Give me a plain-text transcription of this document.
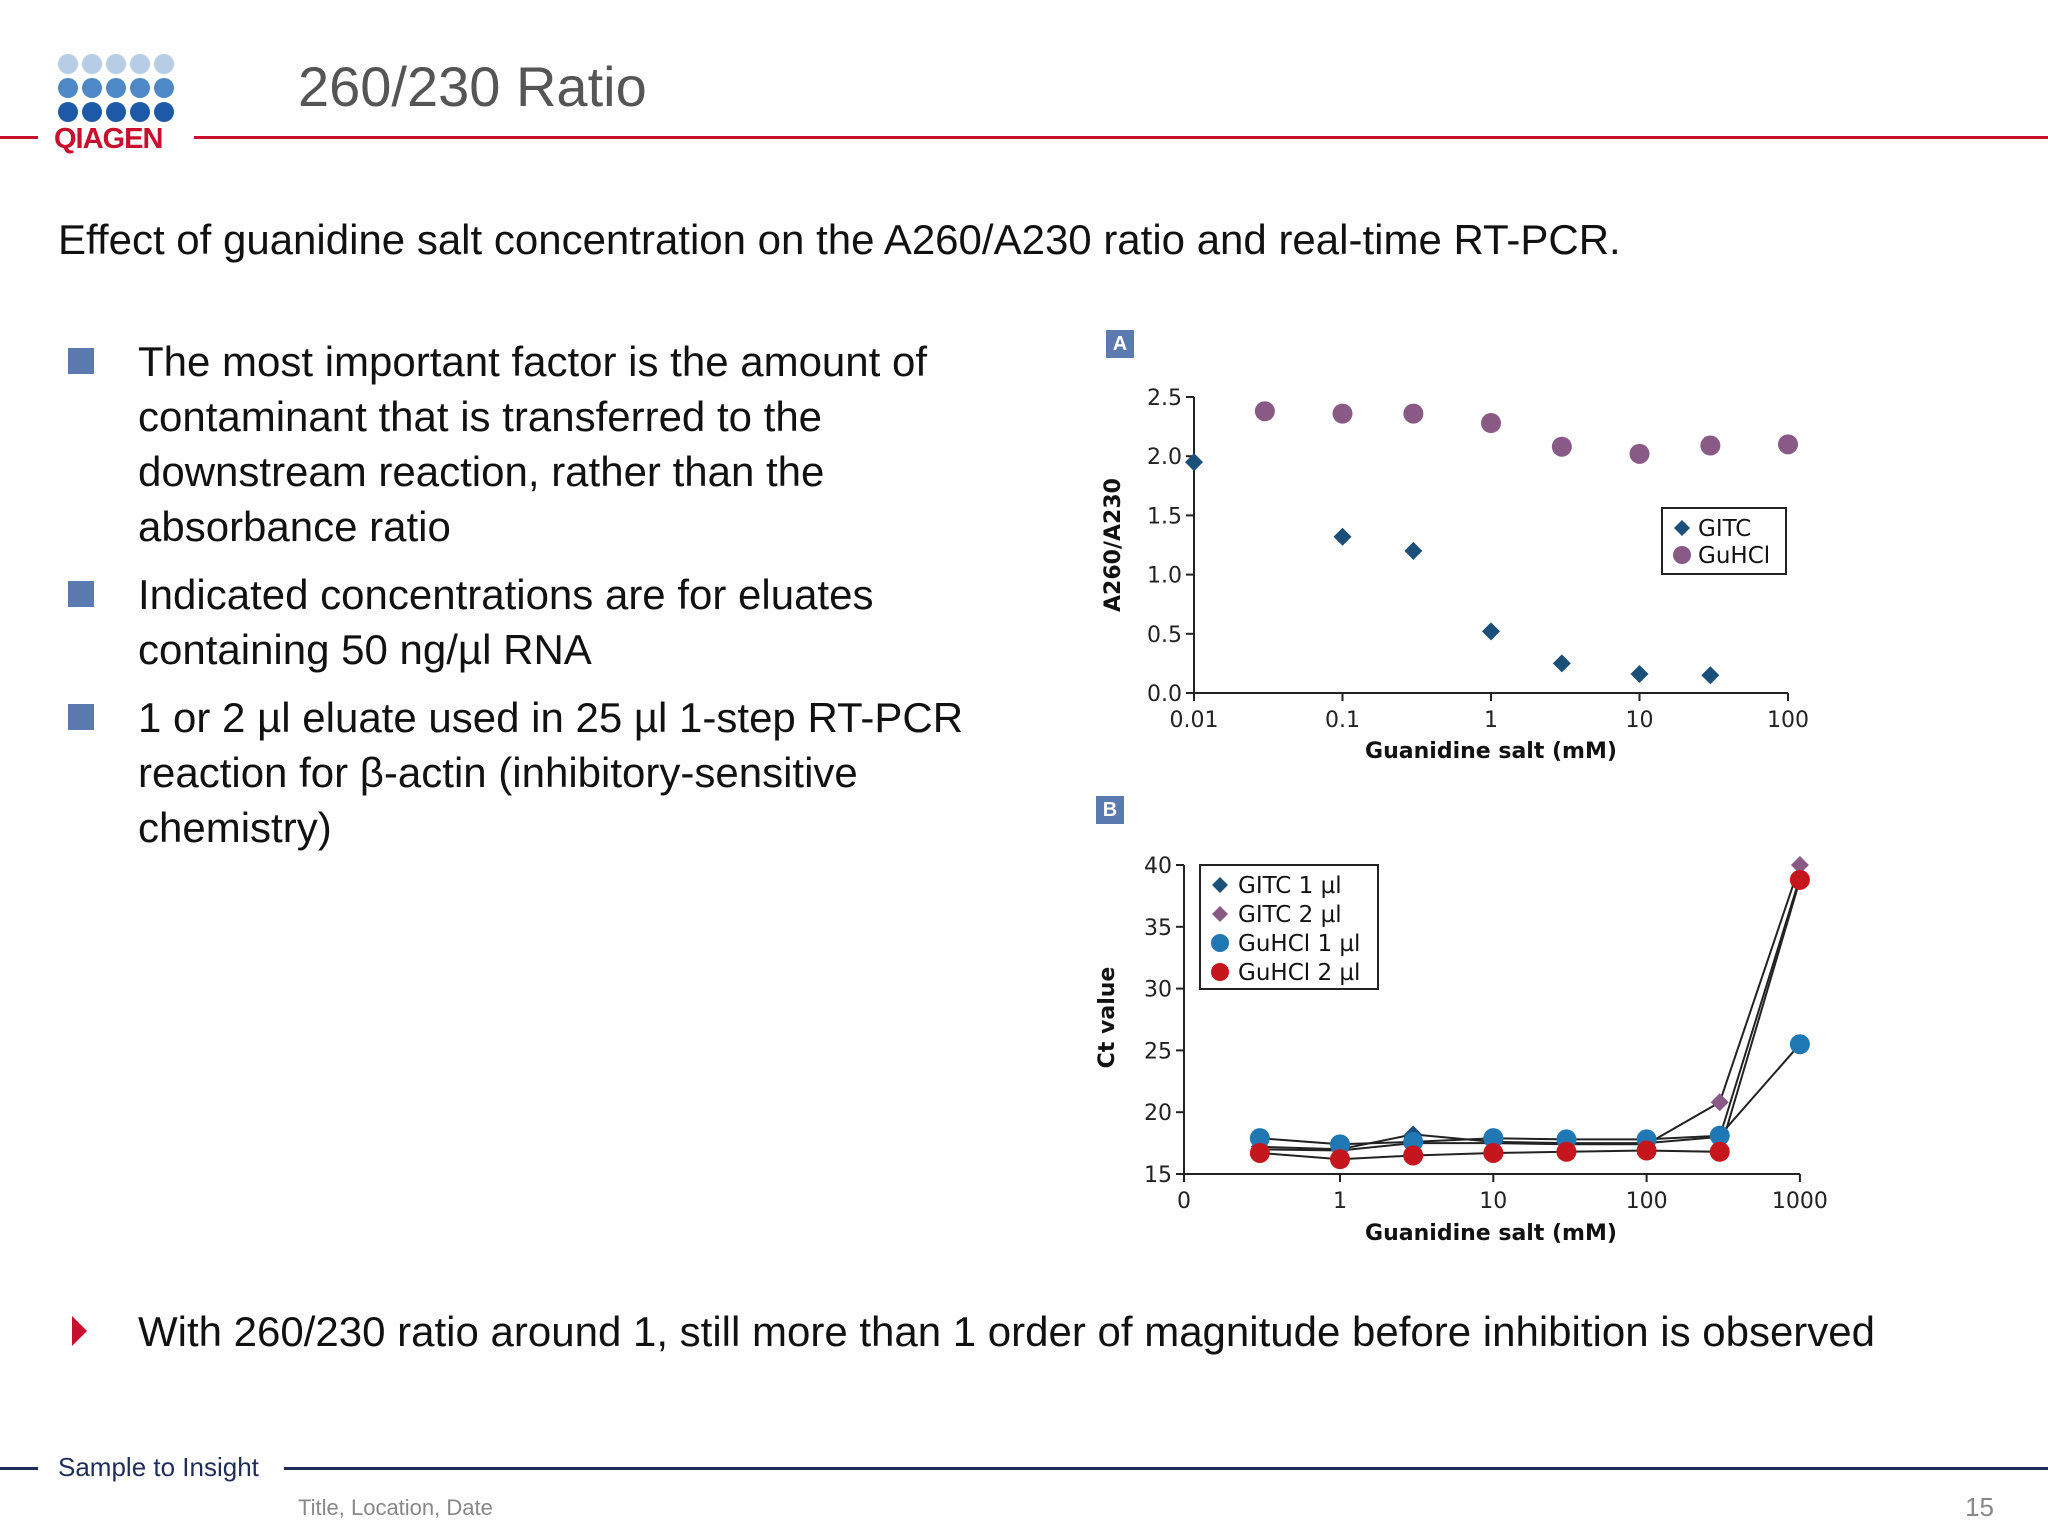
QIAGEN
260/230 Ratio
Effect of guanidine salt concentration on the A260/A230 ratio and real-time RT-PCR.
The most important factor is the amount of contaminant that is transferred to the downstream reaction, rather than the absorbance ratio
Indicated concentrations are for eluates containing 50 ng/µl RNA
1 or 2 µl eluate used in 25 µl 1-step RT-PCR reaction for β-actin (inhibitory-sensitive chemistry)
A
B
0.0
0.5
1.0
1.5
2.0
2.5
0.01	0.1	1	10	100
Guanidine salt (mM)
A260/A230	GITC
GuHCl
15
20
25
30
35
40
0	1	10	100	1000
Guanidine salt (mM)
Ct value
GITC 1 µl
GITC 2 µl
GuHCl 1 µl
GuHCl 2 µl
With 260/230 ratio around 1, still more than 1 order of magnitude before inhibition is observed
Sample to Insight
Title, Location, Date	15
